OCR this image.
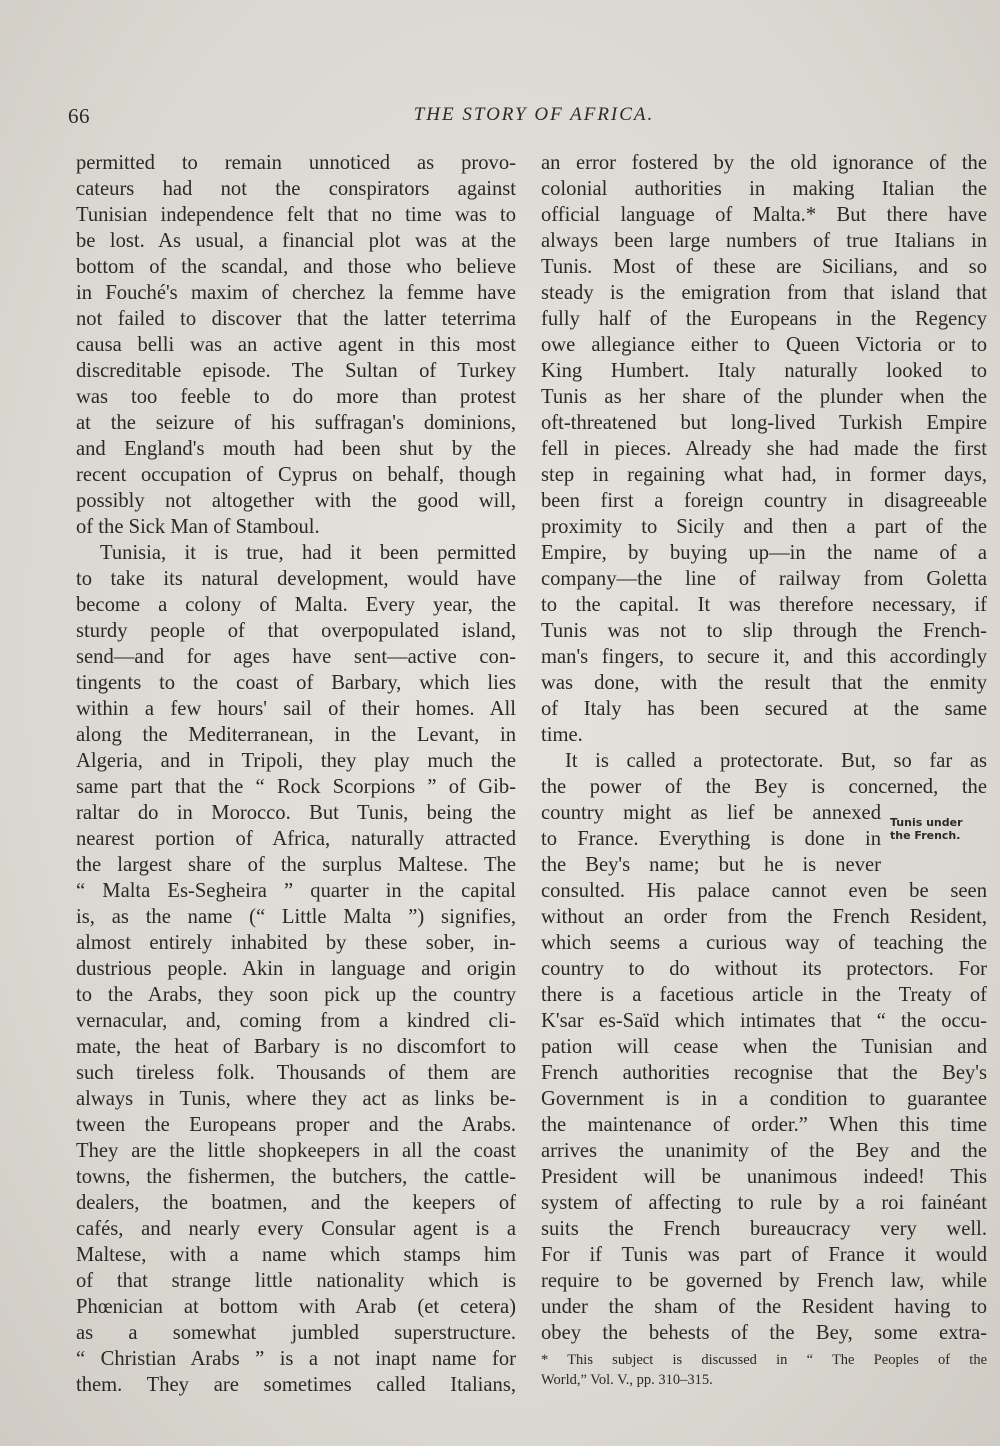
66	THE STORY OF AFRICA.
permitted to remain unnoticed as provo-
cateurs had not the conspirators against
Tunisian independence felt that no time was to
be lost. As usual, a financial plot was at the
bottom of the scandal, and those who believe
in Fouché's maxim of cherchez la femme have
not failed to discover that the latter teterrima
causa belli was an active agent in this most
discreditable episode. The Sultan of Turkey
was too feeble to do more than protest
at the seizure of his suffragan's dominions,
and England's mouth had been shut by the
recent occupation of Cyprus on behalf, though
possibly not altogether with the good will,
of the Sick Man of Stamboul.
Tunisia, it is true, had it been permitted
to take its natural development, would have
become a colony of Malta. Every year, the
sturdy people of that overpopulated island,
send—and for ages have sent—active con-
tingents to the coast of Barbary, which lies
within a few hours' sail of their homes. All
along the Mediterranean, in the Levant, in
Algeria, and in Tripoli, they play much the
same part that the “ Rock Scorpions ” of Gib-
raltar do in Morocco. But Tunis, being the
nearest portion of Africa, naturally attracted
the largest share of the surplus Maltese. The
“ Malta Es-Segheira ” quarter in the capital
is, as the name (“ Little Malta ”) signifies,
almost entirely inhabited by these sober, in-
dustrious people. Akin in language and origin
to the Arabs, they soon pick up the country
vernacular, and, coming from a kindred cli-
mate, the heat of Barbary is no discomfort to
such tireless folk. Thousands of them are
always in Tunis, where they act as links be-
tween the Europeans proper and the Arabs.
They are the little shopkeepers in all the coast
towns, the fishermen, the butchers, the cattle-
dealers, the boatmen, and the keepers of
cafés, and nearly every Consular agent is a
Maltese, with a name which stamps him
of that strange little nationality which is
Phœnician at bottom with Arab (et cetera)
as a somewhat jumbled superstructure.
“ Christian Arabs ” is a not inapt name for
them. They are sometimes called Italians,
an error fostered by the old ignorance of the
colonial authorities in making Italian the
official language of Malta.* But there have
always been large numbers of true Italians in
Tunis. Most of these are Sicilians, and so
steady is the emigration from that island that
fully half of the Europeans in the Regency
owe allegiance either to Queen Victoria or to
King Humbert. Italy naturally looked to
Tunis as her share of the plunder when the
oft-threatened but long-lived Turkish Empire
fell in pieces. Already she had made the first
step in regaining what had, in former days,
been first a foreign country in disagreeable
proximity to Sicily and then a part of the
Empire, by buying up—in the name of a
company—the line of railway from Goletta
to the capital. It was therefore necessary, if
Tunis was not to slip through the French-
man's fingers, to secure it, and this accordingly
was done, with the result that the enmity
of Italy has been secured at the same
time.
It is called a protectorate. But, so far as
the power of the Bey is concerned, the
country might as lief be annexed
to France. Everything is done in
the Bey's name; but he is never
consulted. His palace cannot even be seen
without an order from the French Resident,
which seems a curious way of teaching the
country to do without its protectors. For
there is a facetious article in the Treaty of
K'sar es-Saïd which intimates that “ the occu-
pation will cease when the Tunisian and
French authorities recognise that the Bey's
Government is in a condition to guarantee
the maintenance of order.” When this time
arrives the unanimity of the Bey and the
President will be unanimous indeed! This
system of affecting to rule by a roi fainéant
suits the French bureaucracy very well.
For if Tunis was part of France it would
require to be governed by French law, while
under the sham of the Resident having to
obey the behests of the Bey, some extra-
Tunis under
the French.
* This subject is discussed in “ The Peoples of the
World,” Vol. V., pp. 310–315.
